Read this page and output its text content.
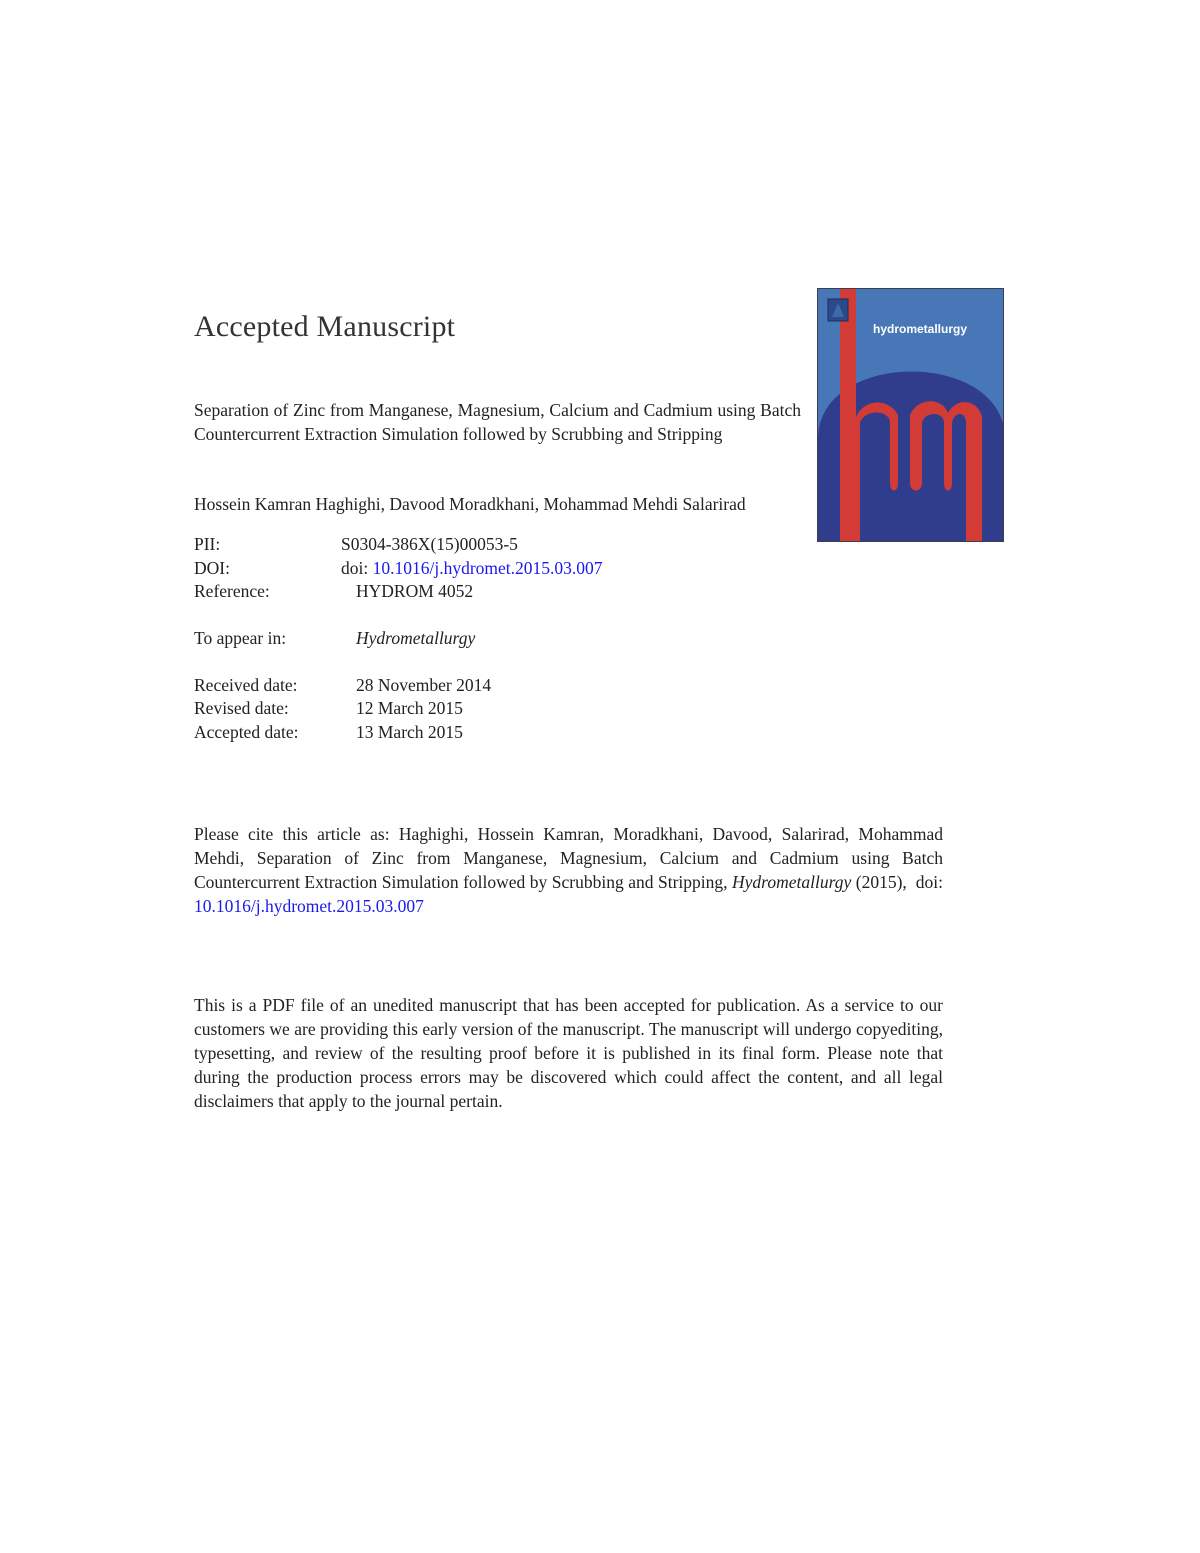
Accepted Manuscript	hydrometallurgy

Separation of Zinc from Manganese, Magnesium, Calcium and Cadmium using Batch Countercurrent Extraction Simulation followed by Scrubbing and Stripping

Hossein Kamran Haghighi, Davood Moradkhani, Mohammad Mehdi Salarirad
PII:	S0304-386X(15)00053-5
DOI:	doi: 10.1016/j.hydromet.2015.03.007
Reference:	HYDROM 4052
To appear in:	Hydrometallurgy
Received date:	28 November 2014
Revised date:	12 March 2015
Accepted date:	13 March 2015

Please cite this article as: Haghighi, Hossein Kamran, Moradkhani, Davood, Salarirad, Mohammad Mehdi, Separation of Zinc from Manganese, Magnesium, Calcium and Cadmium using Batch Countercurrent Extraction Simulation followed by Scrubbing and Stripping, Hydrometallurgy (2015), doi: 10.1016/j.hydromet.2015.03.007

This is a PDF file of an unedited manuscript that has been accepted for publication. As a service to our customers we are providing this early version of the manuscript. The manuscript will undergo copyediting, typesetting, and review of the resulting proof before it is published in its final form. Please note that during the production process errors may be discovered which could affect the content, and all legal disclaimers that apply to the journal pertain.
